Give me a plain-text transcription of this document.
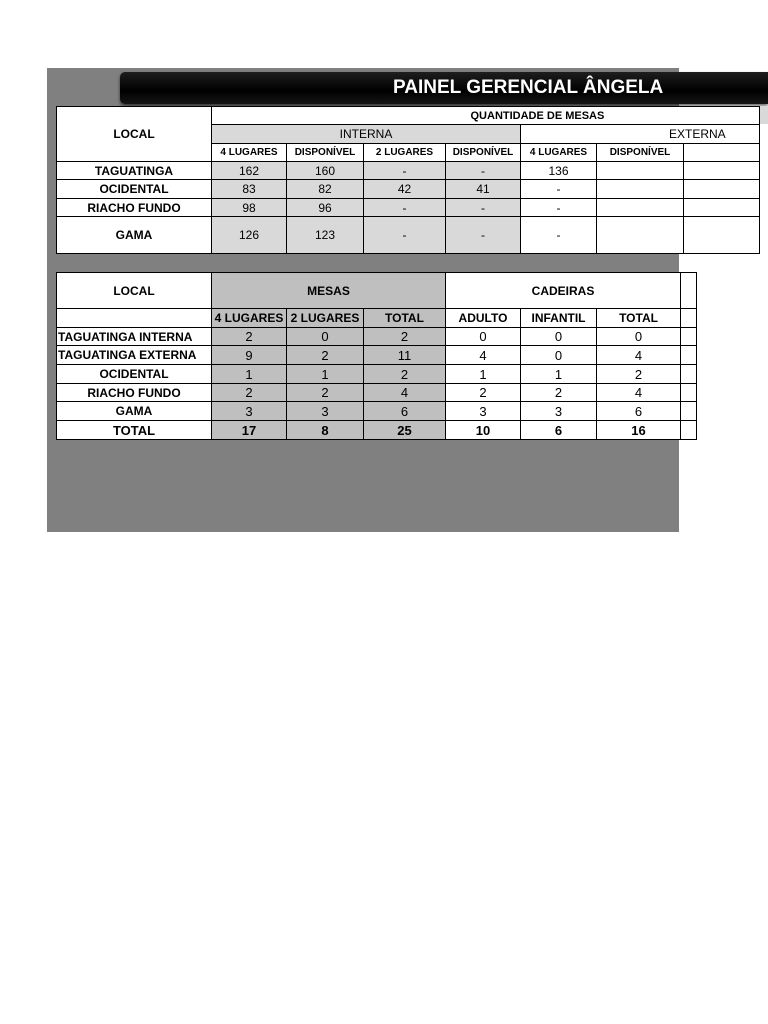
PAINEL GERENCIAL ÂNGELA
LOCAL					QUANTIDADE DE MESAS			
	INTERNA				EXTERNA			
	4 LUGARES	DISPONÍVEL	2 LUGARES	DISPONÍVEL	4 LUGARES	DISPONÍVEL		
TAGUATINGA	162	160	-	-	136			
OCIDENTAL	83	82	42	41	-			
RIACHO FUNDO	98	96	-	-	-			
GAMA	126	123	-	-	-			
LOCAL	MESAS			CADEIRAS			

	4 LUGARES	2 LUGARES	TOTAL	ADULTO	INFANTIL	TOTAL	
TAGUATINGA INTERNA	2	0	2	0	0	0	
TAGUATINGA EXTERNA	9	2	11	4	0	4	
OCIDENTAL	1	1	2	1	1	2	
RIACHO FUNDO	2	2	4	2	2	4	
GAMA	3	3	6	3	3	6	
TOTAL	17	8	25	10	6	16	
